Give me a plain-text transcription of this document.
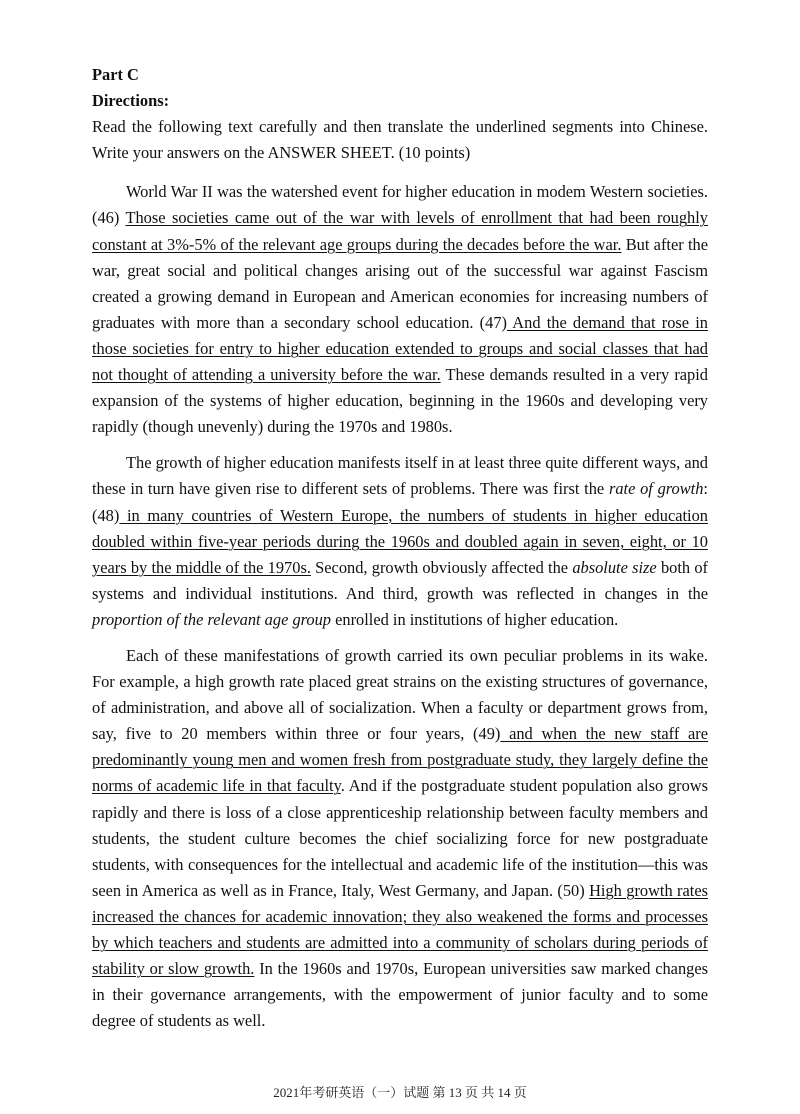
Part C

Directions:

Read the following text carefully and then translate the underlined segments into Chinese. Write your answers on the ANSWER SHEET. (10 points)

World War II was the watershed event for higher education in modem Western societies. (46) Those societies came out of the war with levels of enrollment that had been roughly constant at 3%-5% of the relevant age groups during the decades before the war. But after the war, great social and political changes arising out of the successful war against Fascism created a growing demand in European and American economies for increasing numbers of graduates with more than a secondary school education. (47) And the demand that rose in those societies for entry to higher education extended to groups and social classes that had not thought of attending a university before the war. These demands resulted in a very rapid expansion of the systems of higher education, beginning in the 1960s and developing very rapidly (though unevenly) during the 1970s and 1980s.

The growth of higher education manifests itself in at least three quite different ways, and these in turn have given rise to different sets of problems. There was first the rate of growth: (48) in many countries of Western Europe, the numbers of students in higher education doubled within five-year periods during the 1960s and doubled again in seven, eight, or 10 years by the middle of the 1970s. Second, growth obviously affected the absolute size both of systems and individual institutions. And third, growth was reflected in changes in the proportion of the relevant age group enrolled in institutions of higher education.

Each of these manifestations of growth carried its own peculiar problems in its wake. For example, a high growth rate placed great strains on the existing structures of governance, of administration, and above all of socialization. When a faculty or department grows from, say, five to 20 members within three or four years, (49) and when the new staff are predominantly young men and women fresh from postgraduate study, they largely define the norms of academic life in that faculty. And if the postgraduate student population also grows rapidly and there is loss of a close apprenticeship relationship between faculty members and students, the student culture becomes the chief socializing force for new postgraduate students, with consequences for the intellectual and academic life of the institution—this was seen in America as well as in France, Italy, West Germany, and Japan. (50) High growth rates increased the chances for academic innovation; they also weakened the forms and processes by which teachers and students are admitted into a community of scholars during periods of stability or slow growth. In the 1960s and 1970s, European universities saw marked changes in their governance arrangements, with the empowerment of junior faculty and to some degree of students as well.

2021年考研英语（一）试题 第 13 页 共 14 页
